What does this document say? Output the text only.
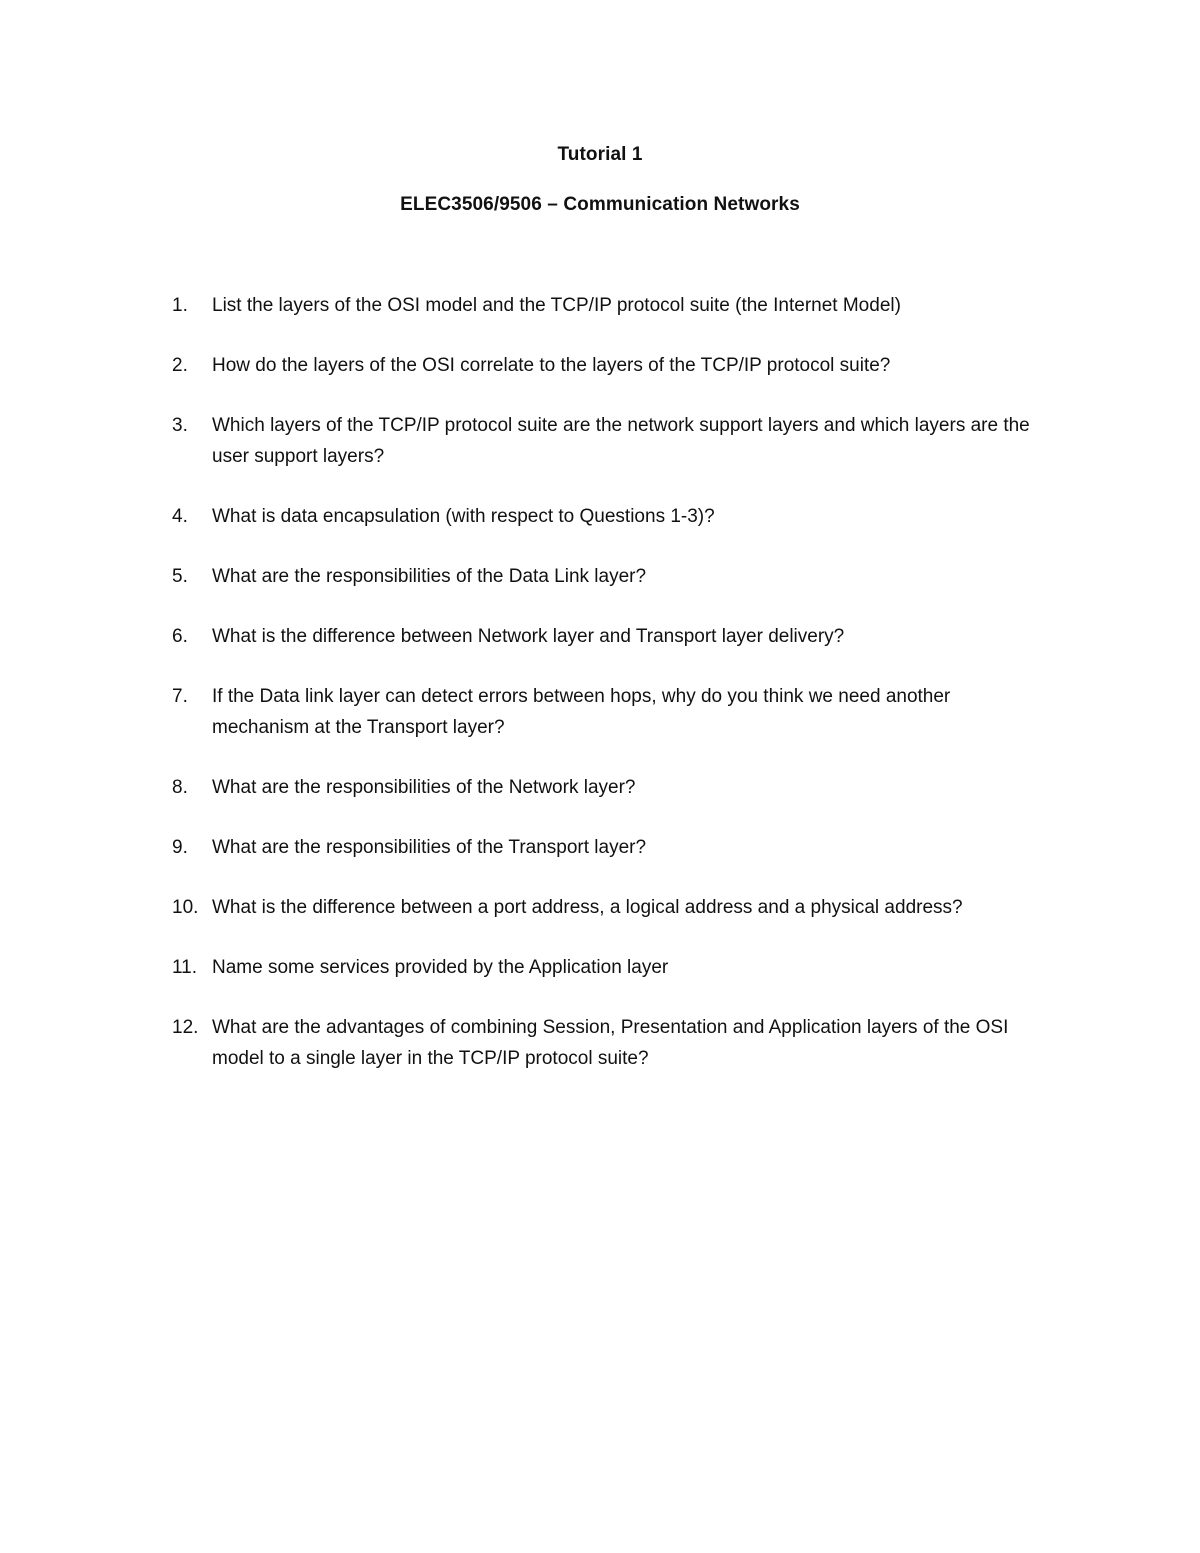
Tutorial 1
ELEC3506/9506 – Communication Networks
1.	List the layers of the OSI model and the TCP/IP protocol suite (the Internet Model)
2.	How do the layers of the OSI correlate to the layers of the TCP/IP protocol suite?
3.	Which layers of the TCP/IP protocol suite are the network support layers and which layers are the user support layers?
4.	What is data encapsulation (with respect to Questions 1-3)?
5.	What are the responsibilities of the Data Link layer?
6.	What is the difference between Network layer and Transport layer delivery?
7.	If the Data link layer can detect errors between hops, why do you think we need another mechanism at the Transport layer?
8.	What are the responsibilities of the Network layer?
9.	What are the responsibilities of the Transport layer?
10. What is the difference between a port address, a logical address and a physical address?
11. Name some services provided by the Application layer
12. What are the advantages of combining Session, Presentation and Application layers of the OSI model to a single layer in the TCP/IP protocol suite?
